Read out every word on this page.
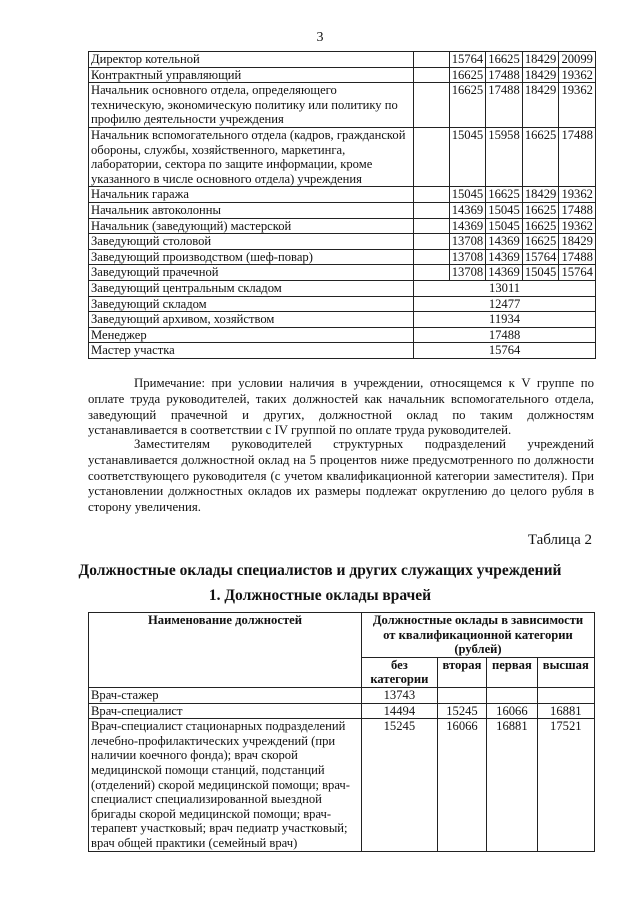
3
Директор котельной		15764	16625	18429	20099
Контрактный управляющий		16625	17488	18429	19362
Начальник основного отдела, определяющего техническую, экономическую политику или политику по профилю деятельности учреждения		16625	17488	18429	19362
Начальник вспомогательного отдела (кадров, гражданской обороны, службы, хозяйственного, маркетинга, лаборатории, сектора по защите информации, кроме указанного в числе основного отдела) учреждения		15045	15958	16625	17488
Начальник гаража		15045	16625	18429	19362
Начальник автоколонны		14369	15045	16625	17488
Начальник (заведующий) мастерской		14369	15045	16625	19362
Заведующий столовой		13708	14369	16625	18429
Заведующий производством (шеф-повар)		13708	14369	15764	17488
Заведующий прачечной		13708	14369	15045	15764
Заведующий центральным складом	13011				
Заведующий складом	12477				
Заведующий архивом, хозяйством	11934				
Менеджер	17488				
Мастер участка	15764				

Примечание: при условии наличия в учреждении, относящемся к V группе по оплате труда руководителей, таких должностей как начальник вспомогательного отдела, заведующий прачечной и других, должностной оклад по таким должностям устанавливается в соответствии с IV группой по оплате труда руководителей.

Заместителям руководителей структурных подразделений учреждений устанавливается должностной оклад на 5 процентов ниже предусмотренного по должности соответствующего руководителя (с учетом квалификационной категории заместителя). При установлении должностных окладов их размеры подлежат округлению до целого рубля в сторону увеличения.

Таблица 2
Должностные оклады специалистов и других служащих учреждений
1. Должностные оклады врачей
Наименование должностей	Должностные оклады в зависимости от квалификационной категории (рублей)			
	без категории	вторая	первая	высшая
Врач-стажер	13743			
Врач-специалист	14494	15245	16066	16881
Врач-специалист стационарных подразделений лечебно-профилактических учреждений (при наличии коечного фонда); врач скорой медицинской помощи станций, подстанций (отделений) скорой медицинской помощи; врач-специалист специализированной выездной бригады скорой медицинской помощи; врач-терапевт участковый; врач педиатр участковый; врач общей практики (семейный врач)	15245	16066	16881	17521
